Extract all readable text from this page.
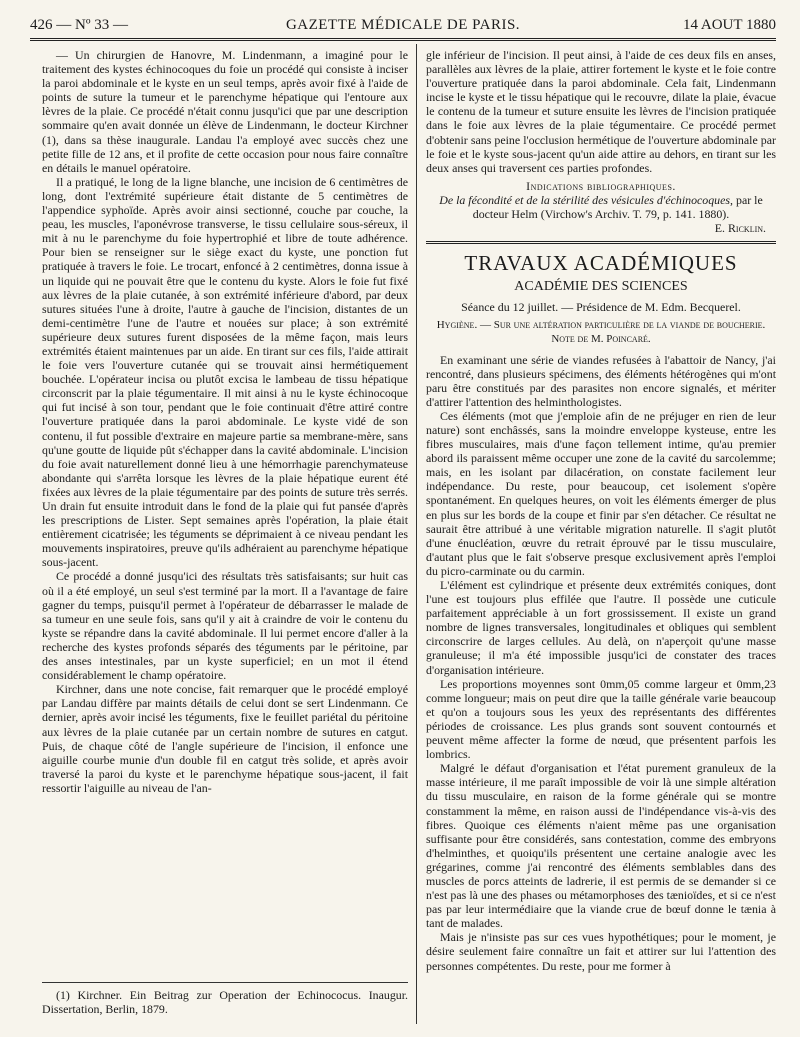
426 — Nº 33 —	GAZETTE MÉDICALE DE PARIS.	14 AOUT 1880

— Un chirurgien de Hanovre, M. Lindenmann, a imaginé pour le traitement des kystes échinocoques du foie un procédé qui consiste à inciser la paroi abdominale et le kyste en un seul temps, après avoir fixé à l'aide de points de suture la tumeur et le parenchyme hépatique qui l'entoure aux lèvres de la plaie. Ce procédé n'était connu jusqu'ici que par une description sommaire qu'en avait donnée un élève de Lindenmann, le docteur Kirchner (1), dans sa thèse inaugurale. Landau l'a employé avec succès chez une petite fille de 12 ans, et il profite de cette occasion pour nous faire connaître en détails le manuel opératoire.

Il a pratiqué, le long de la ligne blanche, une incision de 6 centimètres de long, dont l'extrémité supérieure était distante de 5 centimètres de l'appendice syphoïde. Après avoir ainsi sectionné, couche par couche, la peau, les muscles, l'aponévrose transverse, le tissu cellulaire sous-séreux, il mit à nu le parenchyme du foie hypertrophié et libre de toute adhérence. Pour bien se renseigner sur le siège exact du kyste, une ponction fut pratiquée à travers le foie. Le trocart, enfoncé à 2 centimètres, donna issue à un liquide qui ne pouvait être que le contenu du kyste. Alors le foie fut fixé aux lèvres de la plaie cutanée, à son extrémité inférieure d'abord, par deux sutures situées l'une à droite, l'autre à gauche de l'incision, distantes de un demi-centimètre l'une de l'autre et nouées sur place; à son extrémité supérieure deux sutures furent disposées de la même façon, mais leurs extrémités étaient maintenues par un aide. En tirant sur ces fils, l'aide attirait le foie vers l'ouverture cutanée qui se trouvait ainsi hermétiquement bouchée. L'opérateur incisa ou plutôt excisa le lambeau de tissu hépatique circonscrit par la plaie tégumentaire. Il mit ainsi à nu le kyste échinocoque qui fut incisé à son tour, pendant que le foie continuait d'être attiré contre l'ouverture pratiquée dans la paroi abdominale. Le kyste vidé de son contenu, il fut possible d'extraire en majeure partie sa membrane-mère, sans qu'une goutte de liquide pût s'échapper dans la cavité abdominale. L'incision du foie avait naturellement donné lieu à une hémorrhagie parenchymateuse abondante qui s'arrêta lorsque les lèvres de la plaie hépatique eurent été fixées aux lèvres de la plaie tégumentaire par des points de suture très serrés. Un drain fut ensuite introduit dans le fond de la plaie qui fut pansée d'après les prescriptions de Lister. Sept semaines après l'opération, la plaie était entièrement cicatrisée; les téguments se déprimaient à ce niveau pendant les mouvements inspiratoires, preuve qu'ils adhéraient au parenchyme hépatique sous-jacent.

Ce procédé a donné jusqu'ici des résultats très satisfaisants; sur huit cas où il a été employé, un seul s'est terminé par la mort. Il a l'avantage de faire gagner du temps, puisqu'il permet à l'opérateur de débarrasser le malade de sa tumeur en une seule fois, sans qu'il y ait à craindre de voir le contenu du kyste se répandre dans la cavité abdominale. Il lui permet encore d'aller à la recherche des kystes profonds séparés des téguments par le péritoine, par des anses intestinales, par un kyste superficiel; en un mot il étend considérablement le champ opératoire.

Kirchner, dans une note concise, fait remarquer que le procédé employé par Landau diffère par maints détails de celui dont se sert Lindenmann. Ce dernier, après avoir incisé les téguments, fixe le feuillet pariétal du péritoine aux lèvres de la plaie cutanée par un certain nombre de sutures en catgut. Puis, de chaque côté de l'angle supérieure de l'incision, il enfonce une aiguille courbe munie d'un double fil en catgut très solide, et après avoir traversé la paroi du kyste et le parenchyme hépatique sous-jacent, il fait ressortir l'aiguille au niveau de l'an-

(1) Kirchner. Ein Beitrag zur Operation der Echinococus. Inaugur. Dissertation, Berlin, 1879.

gle inférieur de l'incision. Il peut ainsi, à l'aide de ces deux fils en anses, parallèles aux lèvres de la plaie, attirer fortement le kyste et le foie contre l'ouverture pratiquée dans la paroi abdominale. Cela fait, Lindenmann incise le kyste et le tissu hépatique qui le recouvre, dilate la plaie, évacue le contenu de la tumeur et suture ensuite les lèvres de l'incision pratiquée dans le foie aux lèvres de la plaie tégumentaire. Ce procédé permet d'obtenir sans peine l'occlusion hermétique de l'ouverture abdominale par le foie et le kyste sous-jacent qu'un aide attire au dehors, en tirant sur les deux anses qui traversent ces parties profondes.

Indications bibliographiques.

De la fécondité et de la stérilité des vésicules d'échinocoques, par le docteur Helm (Virchow's Archiv. T. 79, p. 141. 1880).

E. Ricklin.

TRAVAUX ACADÉMIQUES

ACADÉMIE DES SCIENCES

Séance du 12 juillet. — Présidence de M. Edm. Becquerel.

Hygiène. — Sur une altération particulière de la viande de boucherie. Note de M. Poincaré.

En examinant une série de viandes refusées à l'abattoir de Nancy, j'ai rencontré, dans plusieurs spécimens, des éléments hétérogènes qui m'ont paru être constitués par des parasites non encore signalés, et mériter d'attirer l'attention des helminthologistes.

Ces éléments (mot que j'emploie afin de ne préjuger en rien de leur nature) sont enchâssés, sans la moindre enveloppe kysteuse, entre les fibres musculaires, mais d'une façon tellement intime, qu'au premier abord ils paraissent même occuper une zone de la cavité du sarcolemme; mais, en les isolant par dilacération, on constate facilement leur indépendance. Du reste, pour beaucoup, cet isolement s'opère spontanément. En quelques heures, on voit les éléments émerger de plus en plus sur les bords de la coupe et finir par s'en détacher. Ce résultat ne saurait être attribué à une véritable migration naturelle. Il s'agit plutôt d'une énucléation, œuvre du retrait éprouvé par le tissu musculaire, d'autant plus que le fait s'observe presque exclusivement après l'emploi du picro-carminate ou du carmin.

L'élément est cylindrique et présente deux extrémités coniques, dont l'une est toujours plus effilée que l'autre. Il possède une cuticule parfaitement appréciable à un fort grossissement. Il existe un grand nombre de lignes transversales, longitudinales et obliques qui semblent circonscrire de larges cellules. Au delà, on n'aperçoit qu'une masse granuleuse; il m'a été impossible jusqu'ici de constater des traces d'organisation intérieure.

Les proportions moyennes sont 0mm,05 comme largeur et 0mm,23 comme longueur; mais on peut dire que la taille générale varie beaucoup et qu'on a toujours sous les yeux des représentants des différentes périodes de croissance. Les plus grands sont souvent contournés et peuvent même affecter la forme de nœud, que présentent parfois les lombrics.

Malgré le défaut d'organisation et l'état purement granuleux de la masse intérieure, il me paraît impossible de voir là une simple altération du tissu musculaire, en raison de la forme générale qui se montre constamment la même, en raison aussi de l'indépendance vis-à-vis des fibres. Quoique ces éléments n'aient même pas une organisation suffisante pour être considérés, sans contestation, comme des embryons d'helminthes, et quoiqu'ils présentent une certaine analogie avec les grégarines, comme j'ai rencontré des éléments semblables dans des muscles de porcs atteints de ladrerie, il est permis de se demander si ce n'est pas là une des phases ou métamorphoses des tænioïdes, et si ce n'est pas par leur intermédiaire que la viande crue de bœuf donne le tænia à tant de malades.

Mais je n'insiste pas sur ces vues hypothétiques; pour le moment, je désire seulement faire connaître un fait et attirer sur lui l'attention des personnes compétentes. Du reste, pour me former à
